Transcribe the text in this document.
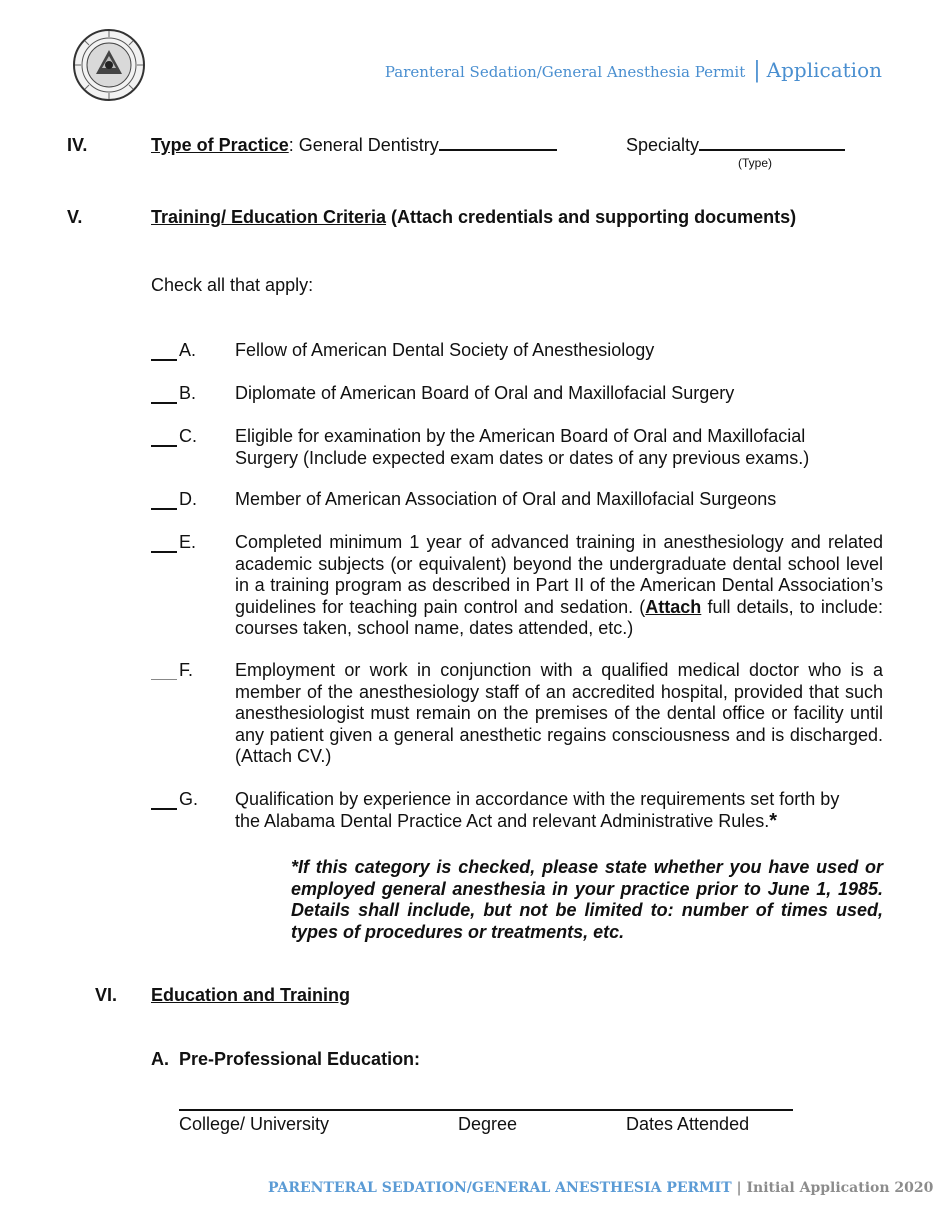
Parenteral Sedation/General Anesthesia Permit | Application
IV.	Type of Practice: General Dentistry	Specialty
(Type)
V.	Training/ Education Criteria (Attach credentials and supporting documents)
Check all that apply:
A. Fellow of American Dental Society of Anesthesiology
B. Diplomate of American Board of Oral and Maxillofacial Surgery
C. Eligible for examination by the American Board of Oral and Maxillofacial Surgery (Include expected exam dates or dates of any previous exams.)
D. Member of American Association of Oral and Maxillofacial Surgeons
E. Completed minimum 1 year of advanced training in anesthesiology and related academic subjects (or equivalent) beyond the undergraduate dental school level in a training program as described in Part II of the American Dental Association’s guidelines for teaching pain control and sedation. (Attach full details, to include: courses taken, school name, dates attended, etc.)
F. Employment or work in conjunction with a qualified medical doctor who is a member of the anesthesiology staff of an accredited hospital, provided that such anesthesiologist must remain on the premises of the dental office or facility until any patient given a general anesthetic regains consciousness and is discharged. (Attach CV.)
G. Qualification by experience in accordance with the requirements set forth by the Alabama Dental Practice Act and relevant Administrative Rules.*
*If this category is checked, please state whether you have used or employed general anesthesia in your practice prior to June 1, 1985. Details shall include, but not be limited to: number of times used, types of procedures or treatments, etc.
VI. Education and Training
A. Pre-Professional Education:
College/ University	Degree	Dates Attended
PARENTERAL SEDATION/GENERAL ANESTHESIA PERMIT | Initial Application 2020
